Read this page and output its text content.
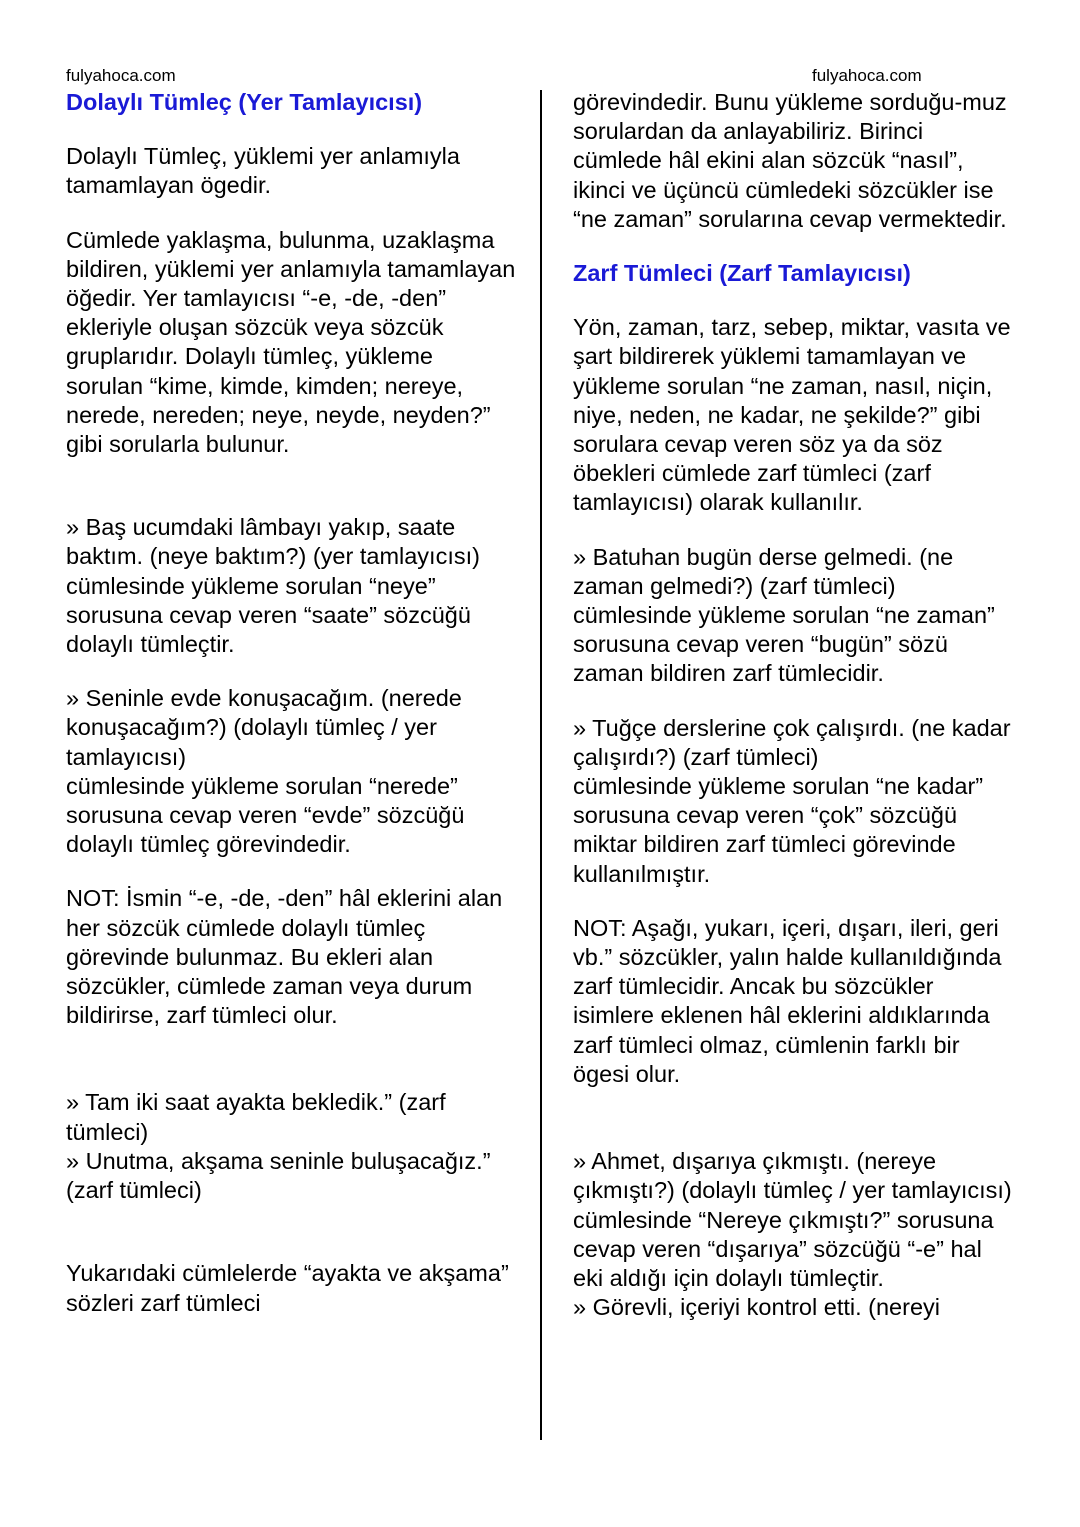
fulyahoca.com	fulyahoca.com

Dolaylı Tümleç (Yer Tamlayıcısı)

Dolaylı Tümleç, yüklemi yer anlamıyla tamamlayan ögedir.

Cümlede yaklaşma, bulunma, uzaklaşma bildiren, yüklemi yer anlamıyla tamamlayan öğedir. Yer tamlayıcısı “-e, -de, -den” ekleriyle oluşan sözcük veya sözcük gruplarıdır. Dolaylı tümleç, yükleme sorulan “kime, kimde, kimden; nereye, nerede, nereden; neye, neyde, neyden?” gibi sorularla bulunur.

» Baş ucumdaki lâmbayı yakıp, saate baktım. (neye baktım?) (yer tamlayıcısı)

cümlesinde yükleme sorulan “neye” sorusuna cevap veren “saate” sözcüğü dolaylı tümleçtir.

» Seninle evde konuşacağım. (nerede konuşacağım?) (dolaylı tümleç / yer tamlayıcısı)

cümlesinde yükleme sorulan “nerede” sorusuna cevap veren “evde” sözcüğü dolaylı tümleç görevindedir.

NOT: İsmin “-e, -de, -den” hâl eklerini alan her sözcük cümlede dolaylı tümleç görevinde bulunmaz. Bu ekleri alan sözcükler, cümlede zaman veya durum bildirirse, zarf tümleci olur.

» Tam iki saat ayakta bekledik.” (zarf tümleci)

» Unutma, akşama seninle buluşacağız.” (zarf tümleci)

Yukarıdaki cümlelerde “ayakta ve akşama” sözleri zarf tümleci

görevindedir. Bunu yükleme sorduğu-muz sorulardan da anlayabiliriz. Birinci cümlede hâl ekini alan sözcük “nasıl”, ikinci ve üçüncü cümledeki sözcükler ise “ne zaman” sorularına cevap vermektedir.

Zarf Tümleci (Zarf Tamlayıcısı)

Yön, zaman, tarz, sebep, miktar, vasıta ve şart bildirerek yüklemi tamamlayan ve yükleme sorulan “ne zaman, nasıl, niçin, niye, neden, ne kadar, ne şekilde?” gibi sorulara cevap veren söz ya da söz öbekleri cümlede zarf tümleci (zarf tamlayıcısı) olarak kullanılır.

» Batuhan bugün derse gelmedi. (ne zaman gelmedi?) (zarf tümleci)

cümlesinde yükleme sorulan “ne zaman” sorusuna cevap veren “bugün” sözü zaman bildiren zarf tümlecidir.

» Tuğçe derslerine çok çalışırdı. (ne kadar çalışırdı?) (zarf tümleci)

cümlesinde yükleme sorulan “ne kadar” sorusuna cevap veren “çok” sözcüğü miktar bildiren zarf tümleci görevinde kullanılmıştır.

NOT: Aşağı, yukarı, içeri, dışarı, ileri, geri vb.” sözcükler, yalın halde kullanıldığında zarf tümlecidir. Ancak bu sözcükler isimlere eklenen hâl eklerini aldıklarında zarf tümleci olmaz, cümlenin farklı bir ögesi olur.

» Ahmet, dışarıya çıkmıştı. (nereye çıkmıştı?) (dolaylı tümleç / yer tamlayıcısı)

cümlesinde “Nereye çıkmıştı?” sorusuna cevap veren “dışarıya” sözcüğü “-e” hal eki aldığı için dolaylı tümleçtir.

» Görevli, içeriyi kontrol etti. (nereyi
